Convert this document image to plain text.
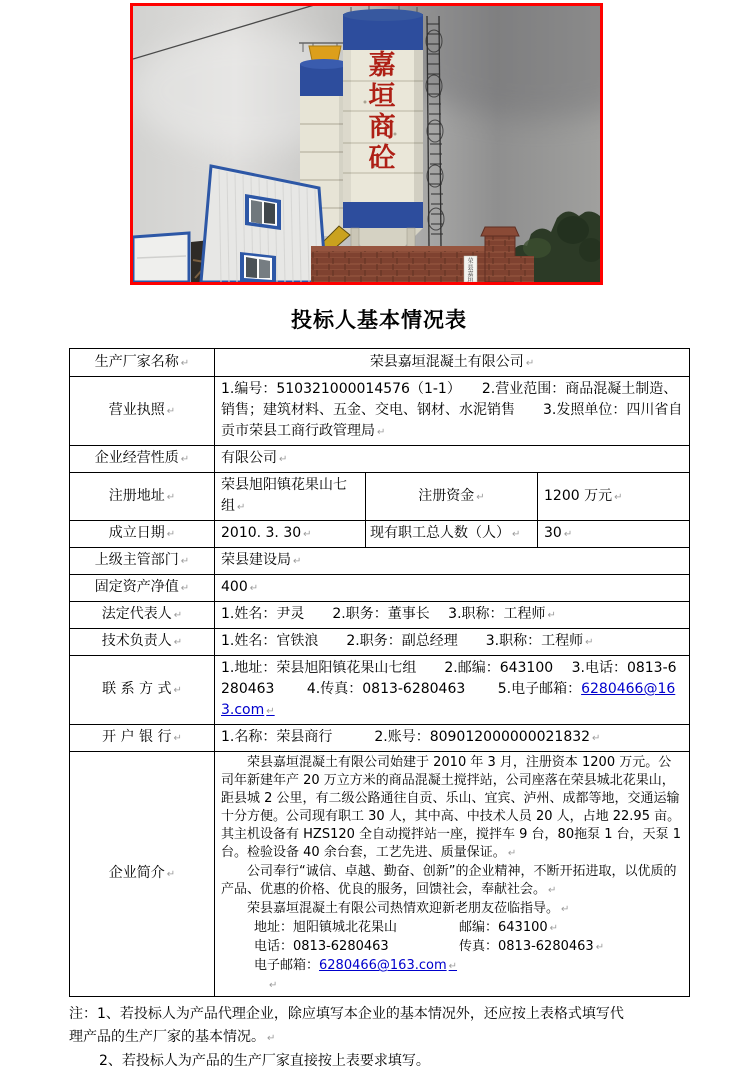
嘉
垣
商
砼
荣
县
嘉
垣
投标人基本情况表
生产厂家名称 ↵	荣县嘉垣混凝土有限公司 ↵
营业执照 ↵	1.编号：510321000014576（1-1）　　2.营业范围：商品混凝土制造、销售；建筑材料、五金、交电、钢材、水泥销售　　3.发照单位：四川省自贡市荣县工商行政管理局 ↵
企业经营性质 ↵	有限公司 ↵
注册地址 ↵	荣县旭阳镇花果山七组 ↵	注册资金 ↵	1200 万元 ↵
成立日期 ↵	2010. 3. 30 ↵	现有职工总人数（人） ↵	30 ↵
上级主管部门 ↵	荣县建设局 ↵
固定资产净值 ↵	400 ↵
法定代表人 ↵	1.姓名：尹灵　　2.职务：董事长　 3.职称：工程师 ↵
技术负责人 ↵	1.姓名：官铁浪　　2.职务：副总经理　　3.职称：工程师 ↵
联 系 方 式 ↵	1.地址：荣县旭阳镇花果山七组　　2.邮编：643100　 3.电话：0813-6280463　　 4.传真：0813-6280463　　 5.电子邮箱：6280466@163.com ↵
开 户 银 行 ↵	1.名称：荣县商行　　　2.账号：809012000000021832 ↵
企业简介 ↵	

荣县嘉垣混凝土有限公司始建于 2010 年 3 月，注册资本 1200 万元。公司年新建年产 20 万立方米的商品混凝土搅拌站，公司座落在荣县城北花果山，距县城 2 公里，有二级公路通往自贡、乐山、宜宾、泸州、成都等地，交通运输十分方便。公司现有职工 30 人，其中高、中技术人员 20 人，占地 22.95 亩。其主机设备有 HZS120 全自动搅拌站一座，搅拌车 9 台，80拖泵 1 台，天泵 1 台。检验设备 40 余台套，工艺先进、质量保证。 ↵

公司奉行“诚信、卓越、勤奋、创新”的企业精神，不断开拓进取，以优质的产品、优惠的价格、优良的服务，回馈社会，奉献社会。 ↵

荣县嘉垣混凝土有限公司热情欢迎新老朋友莅临指导。 ↵

地址：旭阳镇城北花果山	邮编：643100 ↵
电话：0813-6280463	传真：0813-6280463 ↵
电子邮箱：6280466@163.com ↵
↵
注：1、若投标人为产品代理企业，除应填写本企业的基本情况外，还应按上表格式填写代
理产品的生产厂家的基本情况。 ↵
2、若投标人为产品的生产厂家直接按上表要求填写。
